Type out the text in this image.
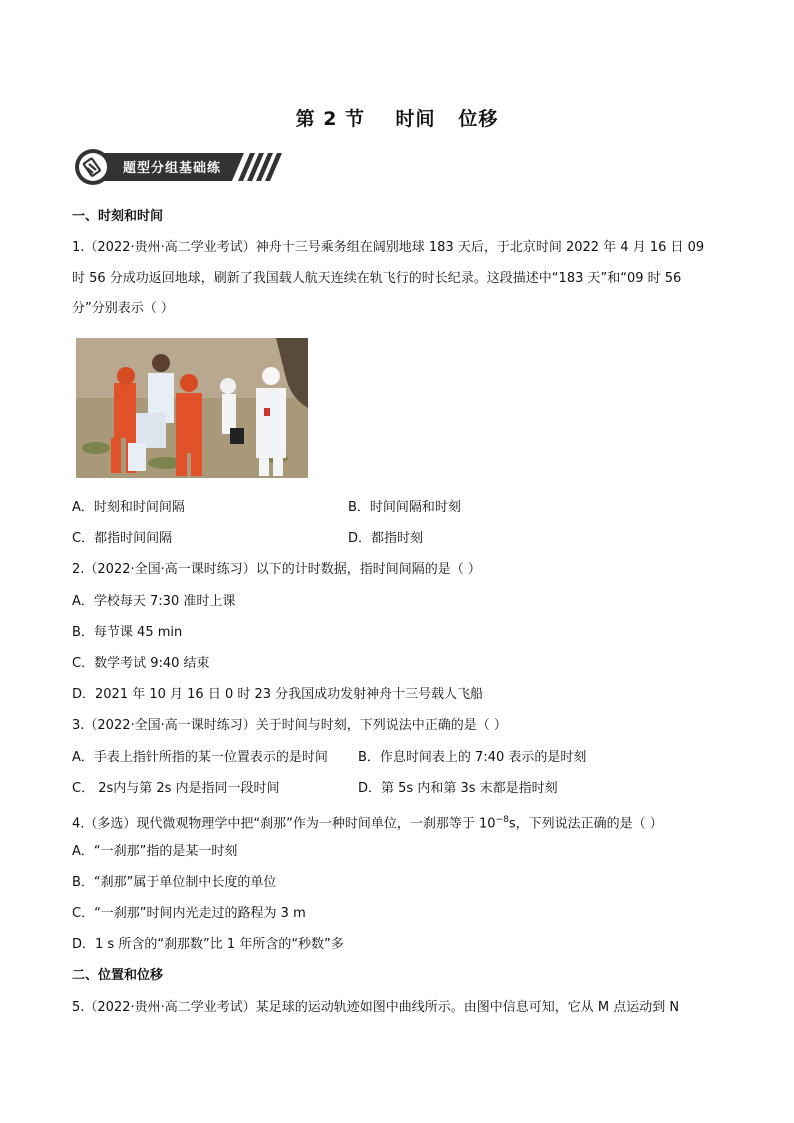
第 2 节    时间   位移
题型分组基础练
一、时刻和时间
1.（2022·贵州·高二学业考试）神舟十三号乘务组在阔别地球 183 天后，于北京时间 2022 年 4 月 16 日 09
时 56 分成功返回地球，刷新了我国载人航天连续在轨飞行的时长纪录。这段描述中“183 天”和“09 时 56
分”分别表示（ ）
A．时刻和时间间隔	B．时间间隔和时刻
C．都指时间间隔	D．都指时刻
2.（2022·全国·高一课时练习）以下的计时数据，指时间间隔的是（ ）
A．学校每天 7:30 准时上课
B．每节课 45 min
C．数学考试 9:40 结束
D．2021 年 10 月 16 日 0 时 23 分我国成功发射神舟十三号载人飞船
3.（2022·全国·高一课时练习）关于时间与时刻，下列说法中正确的是（ ）
A．手表上指针所指的某一位置表示的是时间 B．作息时间表上的 7:40 表示的是时刻
C． 2s内与第 2s 内是指同一段时间	D．第 5s 内和第 3s 末都是指时刻
4.（多选）现代微观物理学中把“刹那”作为一种时间单位，一刹那等于 $10^{-8}s$，下列说法正确的是（ ）
A．“一刹那”指的是某一时刻
B．“刹那”属于单位制中长度的单位
C．“一刹那”时间内光走过的路程为 3 m
D．1 s 所含的“刹那数”比 1 年所含的“秒数”多
二、位置和位移
5.（2022·贵州·高二学业考试）某足球的运动轨迹如图中曲线所示。由图中信息可知，它从 M 点运动到 N
